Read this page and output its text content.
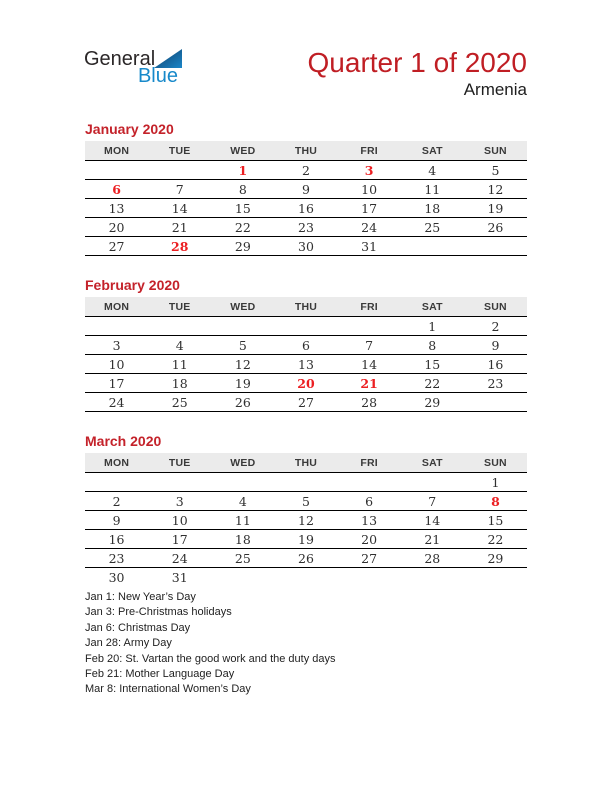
General
Blue	Quarter 1 of 2020
Armenia
January 2020
MON	TUE	WED	THU	FRI	SAT	SUN
		1	2	3	4	5
6	7	8	9	10	11	12
13	14	15	16	17	18	19
20	21	22	23	24	25	26
27	28	29	30	31		
February 2020
MON	TUE	WED	THU	FRI	SAT	SUN
					1	2
3	4	5	6	7	8	9
10	11	12	13	14	15	16
17	18	19	20	21	22	23
24	25	26	27	28	29	
March 2020
MON	TUE	WED	THU	FRI	SAT	SUN
						1
2	3	4	5	6	7	8
9	10	11	12	13	14	15
16	17	18	19	20	21	22
23	24	25	26	27	28	29
30	31					
Jan 1: New Year’s Day
Jan 3: Pre-Christmas holidays
Jan 6: Christmas Day
Jan 28: Army Day
Feb 20: St. Vartan the good work and the duty days
Feb 21: Mother Language Day
Mar 8: International Women’s Day
